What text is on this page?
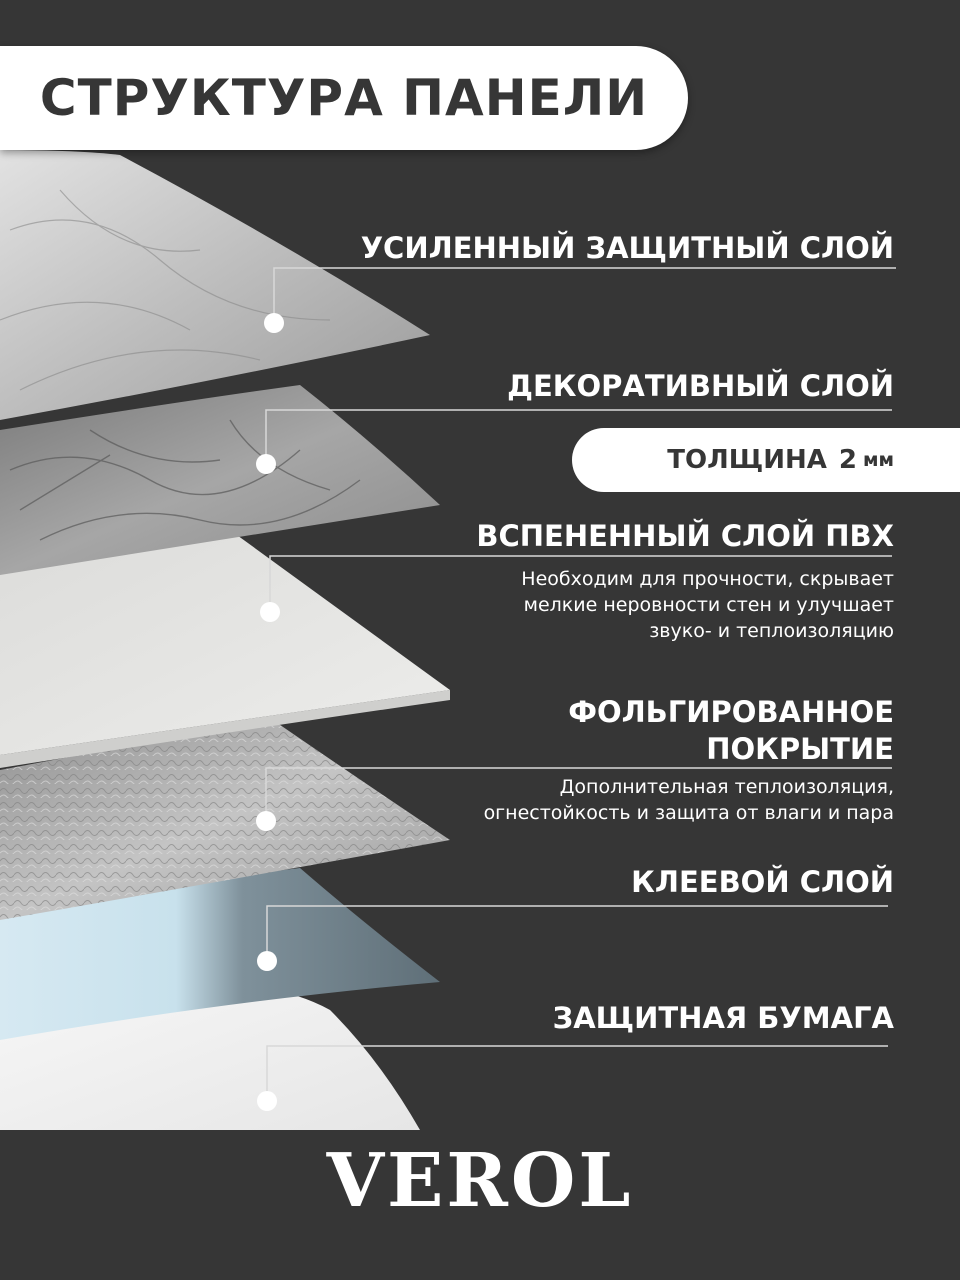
СТРУКТУРА ПАНЕЛИ
УСИЛЕННЫЙ ЗАЩИТНЫЙ СЛОЙ
ДЕКОРАТИВНЫЙ СЛОЙ
ТОЛЩИНА 2 мм
ВСПЕНЕННЫЙ СЛОЙ ПВХ
Необходим для прочности, скрывает
мелкие неровности стен и улучшает
звуко- и теплоизоляцию
ФОЛЬГИРОВАННОЕ
ПОКРЫТИЕ
Дополнительная теплоизоляция,
огнестойкость и защита от влаги и пара
КЛЕЕВОЙ СЛОЙ
ЗАЩИТНАЯ БУМАГА
VEROL
